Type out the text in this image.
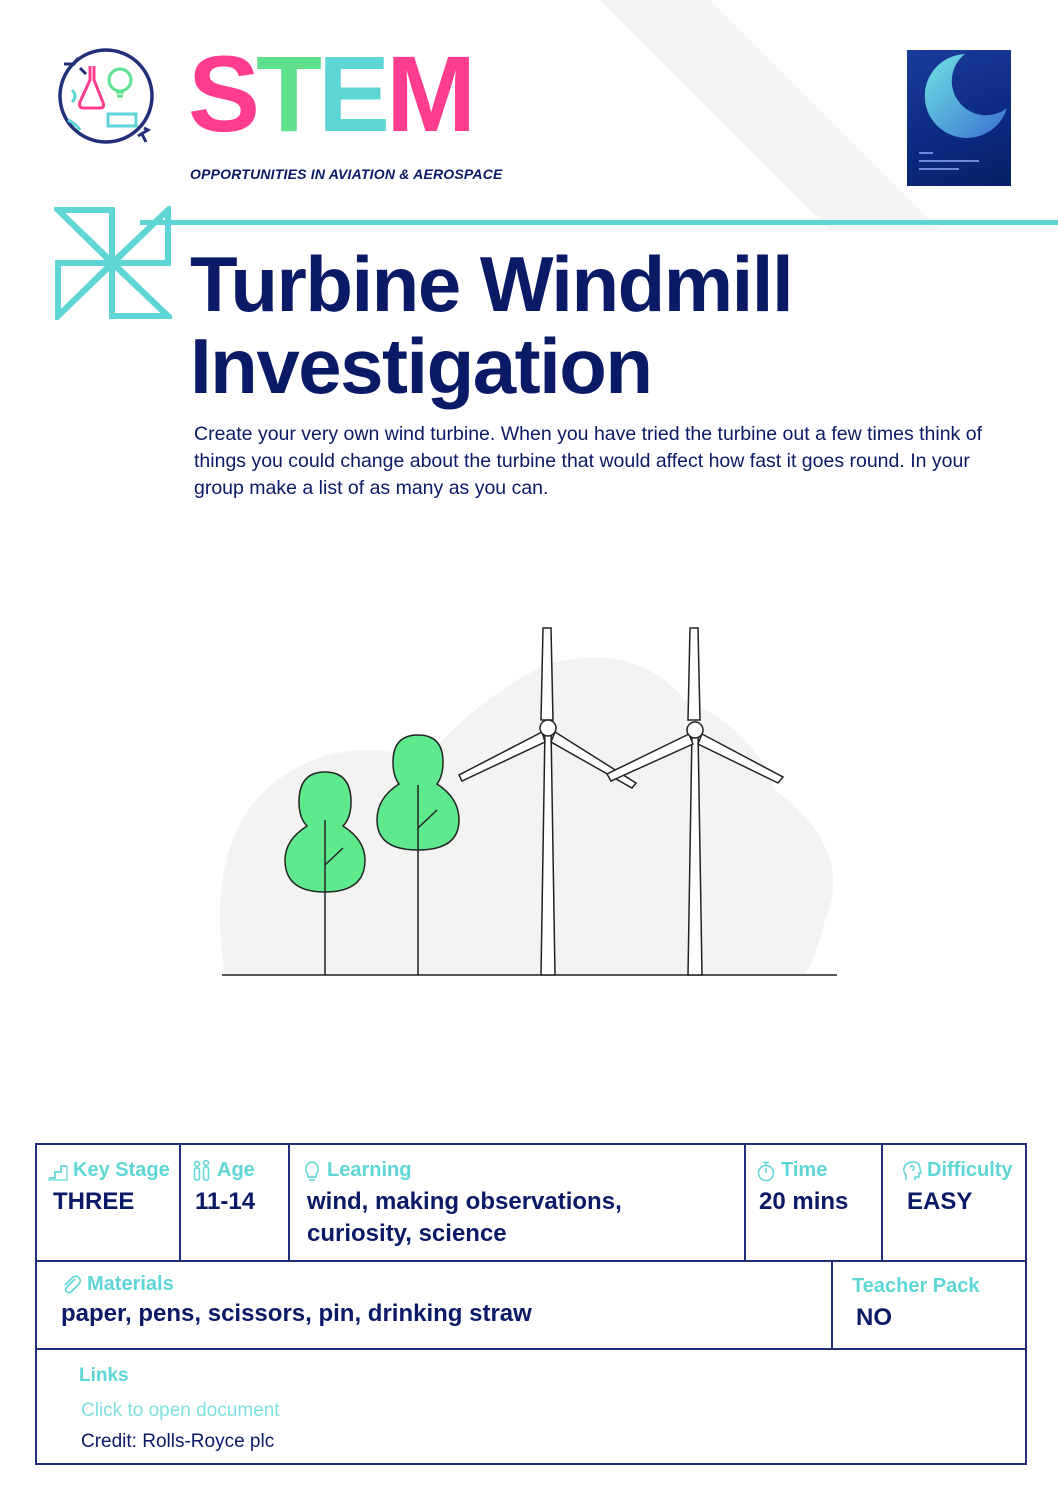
STEM
OPPORTUNITIES IN AVIATION & AEROSPACE
Turbine Windmill
Investigation
Create your very own wind turbine. When you have tried the turbine out a few times think of things you could change about the turbine that would affect how fast it goes round. In your group make a list of as many as you can.
Key Stage
THREE
Age
11-14
Learning
wind, making observations,
curiosity, science
Time
20 mins
Difficulty
EASY
Materials
paper, pens, scissors, pin, drinking straw
Teacher Pack
NO
Links
Click to open document
Credit: Rolls-Royce plc
